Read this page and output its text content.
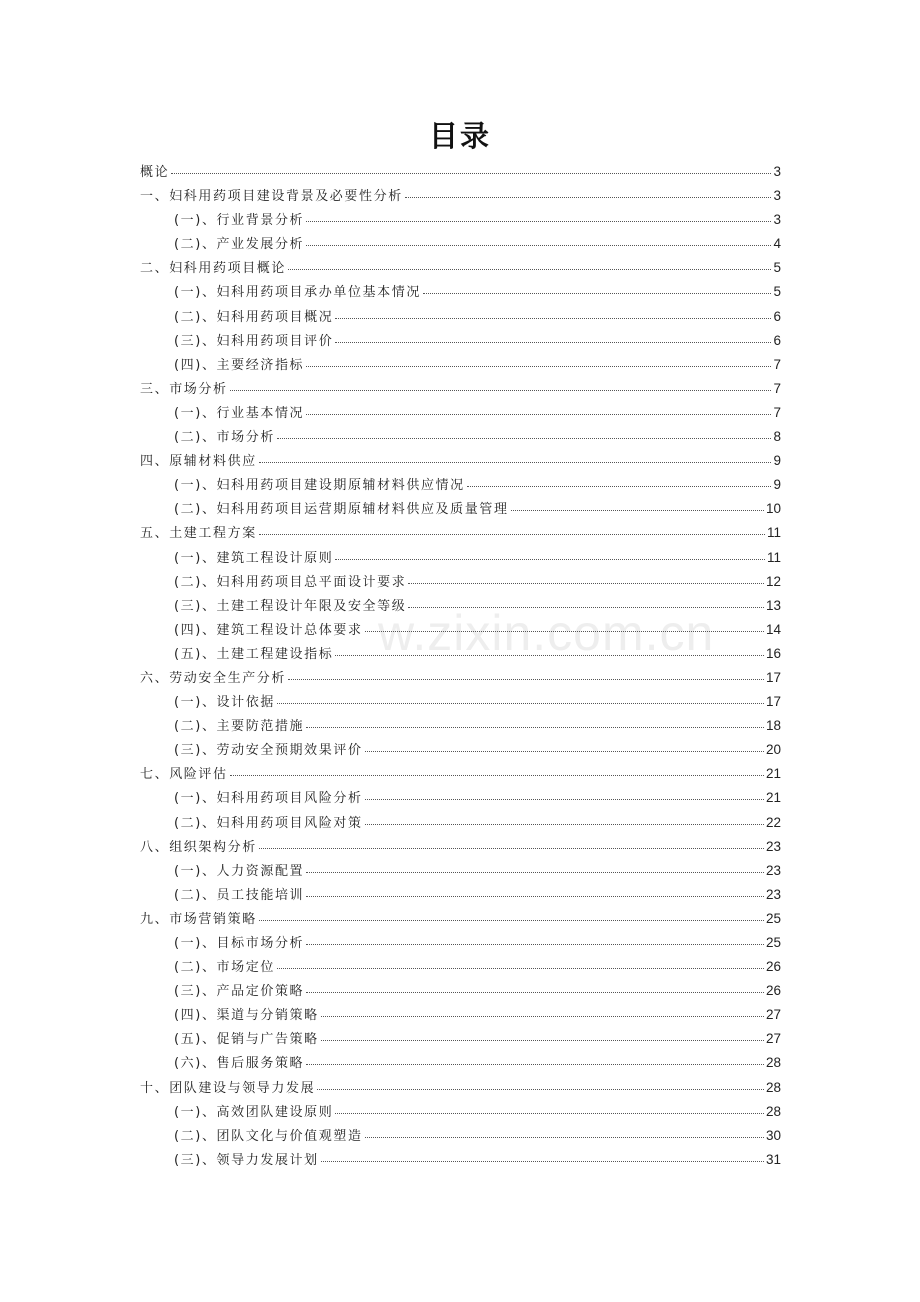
目录
w.zixin.com.cn
概论	3
一、妇科用药项目建设背景及必要性分析	3
(一)、行业背景分析	3
(二)、产业发展分析	4
二、妇科用药项目概论	5
(一)、妇科用药项目承办单位基本情况	5
(二)、妇科用药项目概况	6
(三)、妇科用药项目评价	6
(四)、主要经济指标	7
三、市场分析	7
(一)、行业基本情况	7
(二)、市场分析	8
四、原辅材料供应	9
(一)、妇科用药项目建设期原辅材料供应情况	9
(二)、妇科用药项目运营期原辅材料供应及质量管理	10
五、土建工程方案	11
(一)、建筑工程设计原则	11
(二)、妇科用药项目总平面设计要求	12
(三)、土建工程设计年限及安全等级	13
(四)、建筑工程设计总体要求	14
(五)、土建工程建设指标	16
六、劳动安全生产分析	17
(一)、设计依据	17
(二)、主要防范措施	18
(三)、劳动安全预期效果评价	20
七、风险评估	21
(一)、妇科用药项目风险分析	21
(二)、妇科用药项目风险对策	22
八、组织架构分析	23
(一)、人力资源配置	23
(二)、员工技能培训	23
九、市场营销策略	25
(一)、目标市场分析	25
(二)、市场定位	26
(三)、产品定价策略	26
(四)、渠道与分销策略	27
(五)、促销与广告策略	27
(六)、售后服务策略	28
十、团队建设与领导力发展	28
(一)、高效团队建设原则	28
(二)、团队文化与价值观塑造	30
(三)、领导力发展计划	31
